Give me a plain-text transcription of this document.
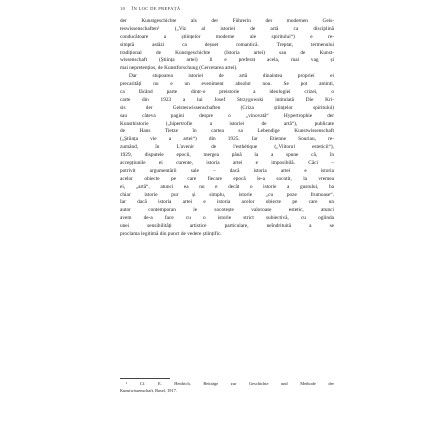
10 ÎN LOC DE PREFAȚĂ
der Kunstgeschichte als der Führerin der modernen Geis-
teswissenschaften¹ („Viz al istoriei de artă ca disciplină
conducătoare a științelor moderne ale spiritului“) e re-
simptă astăzi ca deșuet romantică. Treptat, termenului
tradițional de Kunstgeschichte (Istoria artei) sau de Kunst-
wissenschaft (Știința artei) li e preferat acela, mai vag și
mai nepretențios, de Kunstforschung (Cercetarea artei).
Dar stupoarea istoriei de artă dinaintea propriei ei
precarități nu e un eveniment absolut nou. Se pot aminti,
ca făcând parte dintr-o preistorie a ideologiei crizei, o
carte din 1923 a lui Josef Strzygowski intitulată Die Kri-
sis der Geisteswissenschaften (Criza științelor spiritului)
sau câteva pagini despre o „vinovată“ Hypertrophie der
Kunsthistorie („hipertrofie a istoriei de artă“), publicate
de Hans Tietze în cartea sa Lebendige Kunstwissenschaft
(„Știința vie a artei“) din 1925. Iar Étienne Souriau, re-
zumând, în L'avenir de l'esthétique („Viitorul esteticii“),
1929, disputele epocii, mergea până la a spune că, în
accepțiunile ei curente, istoria artei e imposibilă. Căci –
potrivit argumentării sale – dacă istoria artei e istoria
acelor obiecte pe care fiecare epocă le-a socotit, la vremea
ei, „artă“, atunci ea nu e decât o istorie a gustului, ba
chiar istorie pur și simplu, istorie „cu poze frumoase“.
Iar dacă istoria artei e istoria acelor obiecte pe care un
autor contemporan le socotește valoroase estetic, atunci
avem de-a face cu o istorie strict subiectivă, cu oglinda
unei sensibilități artistice particulare, neîndrituită a se
proclama legitimă din punct de vedere științific.
¹ Cf. E. Heidrich, Beiträge zur Geschichte und Methode der
Kunstwissenschaft, Basel, 1917.
